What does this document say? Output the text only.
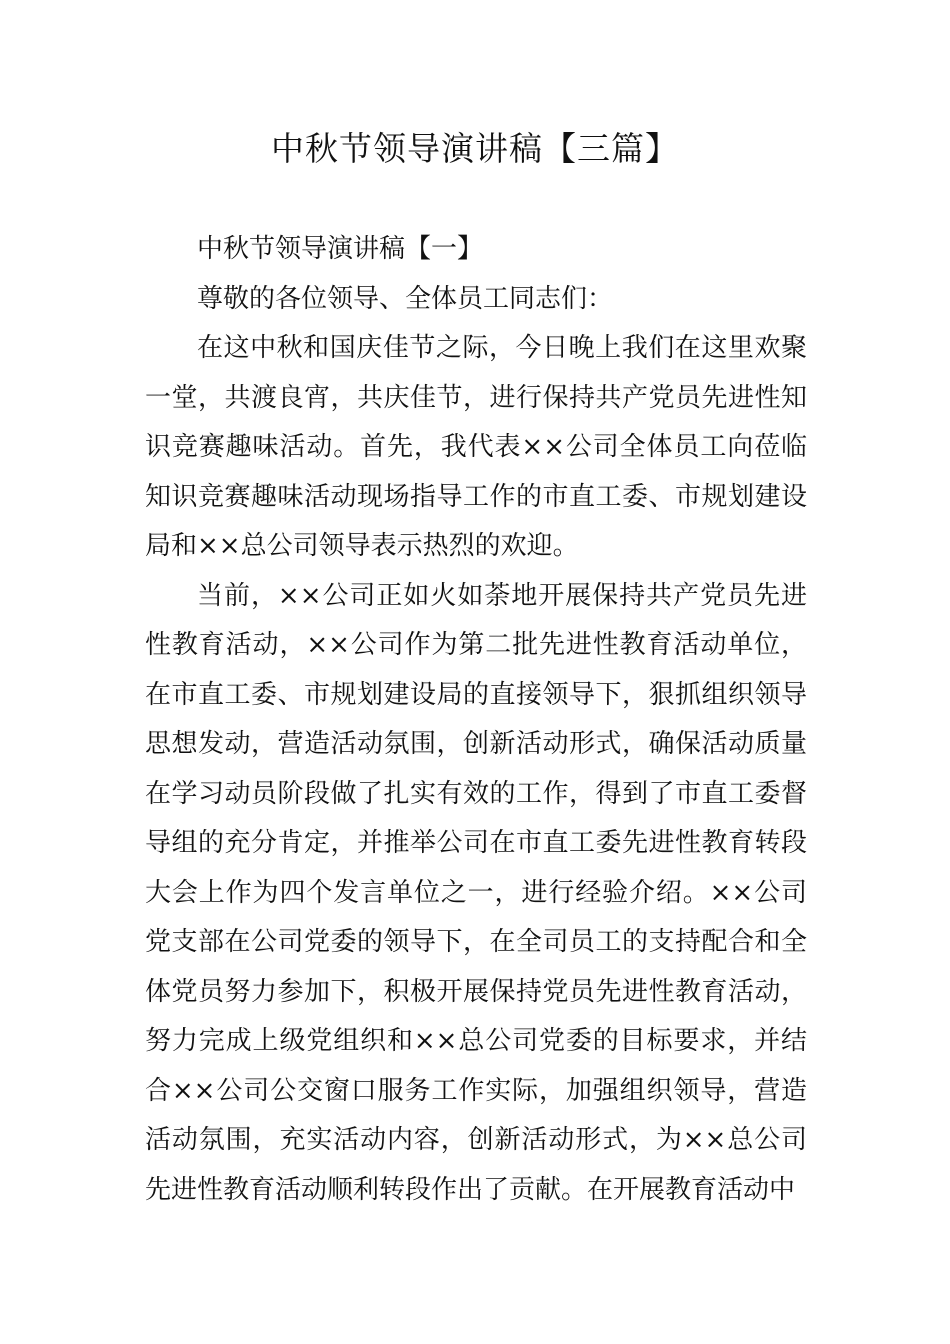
中秋节领导演讲稿【三篇】

中秋节领导演讲稿【一】

尊敬的各位领导、全体员工同志们：

在这中秋和国庆佳节之际，今日晚上我们在这里欢聚一堂，共渡良宵，共庆佳节，进行保持共产党员先进性知识竞赛趣味活动。首先，我代表××公司全体员工向莅临知识竞赛趣味活动现场指导工作的市直工委、市规划建设局和××总公司领导表示热烈的欢迎。

当前，××公司正如火如荼地开展保持共产党员先进性教育活动，××公司作为第二批先进性教育活动单位，在市直工委、市规划建设局的直接领导下，狠抓组织领导思想发动，营造活动氛围，创新活动形式，确保活动质量在学习动员阶段做了扎实有效的工作，得到了市直工委督导组的充分肯定，并推举公司在市直工委先进性教育转段大会上作为四个发言单位之一，进行经验介绍。××公司党支部在公司党委的领导下，在全司员工的支持配合和全体党员努力参加下，积极开展保持党员先进性教育活动，努力完成上级党组织和××总公司党委的目标要求，并结合××公司公交窗口服务工作实际，加强组织领导，营造活动氛围，充实活动内容，创新活动形式，为××总公司先进性教育活动顺利转段作出了贡献。在开展教育活动中
